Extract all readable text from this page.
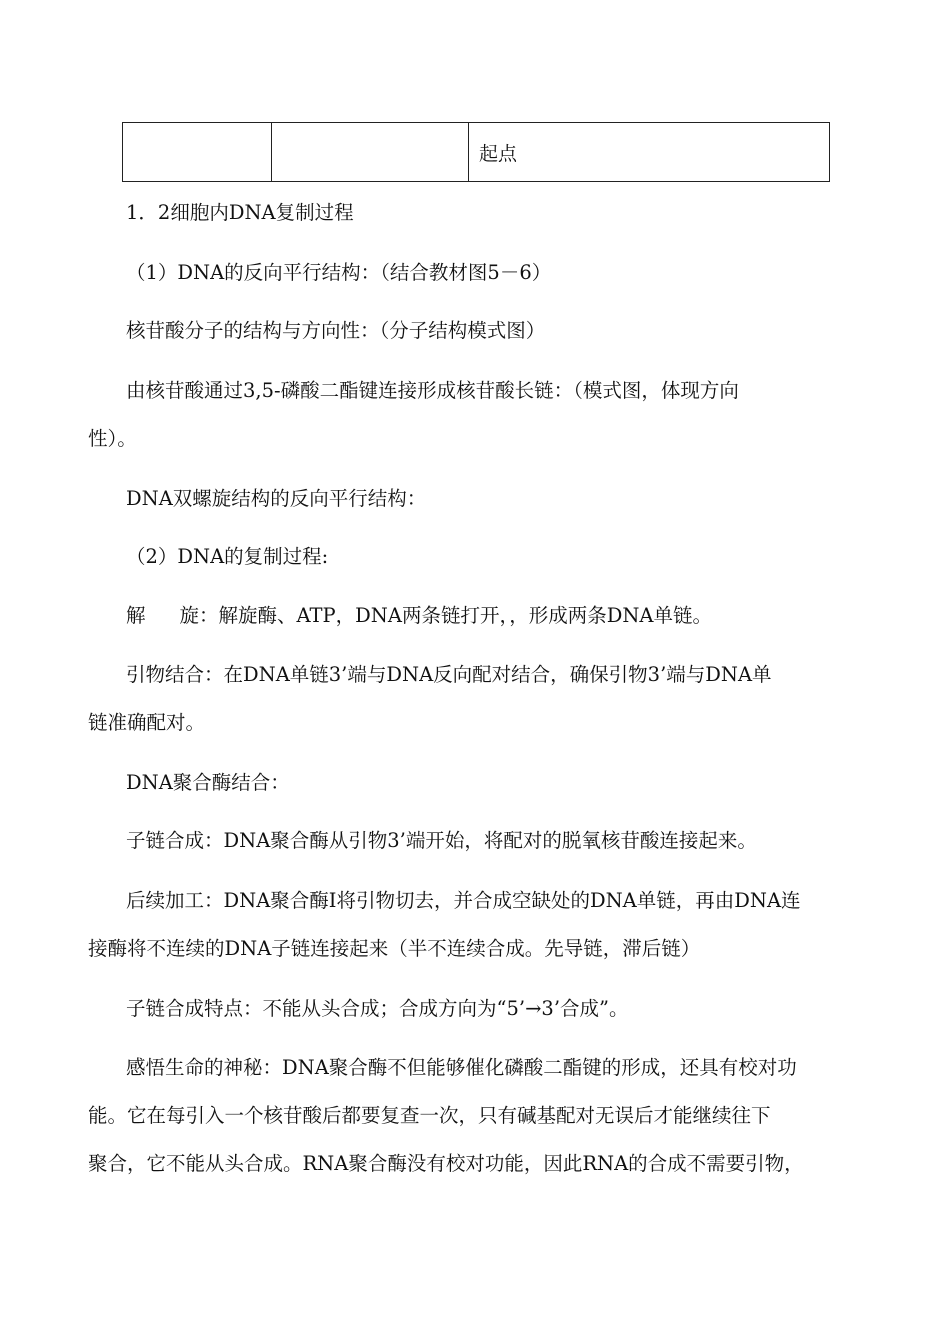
		起点
1．2细胞内DNA复制过程
（1）DNA的反向平行结构：（结合教材图5－6）
核苷酸分子的结构与方向性：（分子结构模式图）
由核苷酸通过3,5-磷酸二酯键连接形成核苷酸长链：（模式图，体现方向
性）。
DNA双螺旋结构的反向平行结构：
（2）DNA的复制过程:
解 旋：解旋酶、ATP，DNA两条链打开，，形成两条DNA单链。
引物结合：在DNA单链3’端与DNA反向配对结合，确保引物3’端与DNA单
链准确配对。
DNA聚合酶结合：
子链合成：DNA聚合酶从引物3’端开始，将配对的脱氧核苷酸连接起来。
后续加工：DNA聚合酶Ⅰ将引物切去，并合成空缺处的DNA单链，再由DNA连
接酶将不连续的DNA子链连接起来（半不连续合成。先导链，滞后链）
子链合成特点：不能从头合成；合成方向为“5’→3’合成”。
感悟生命的神秘：DNA聚合酶不但能够催化磷酸二酯键的形成，还具有校对功
能。它在每引入一个核苷酸后都要复查一次，只有碱基配对无误后才能继续往下
聚合，它不能从头合成。RNA聚合酶没有校对功能，因此RNA的合成不需要引物，
